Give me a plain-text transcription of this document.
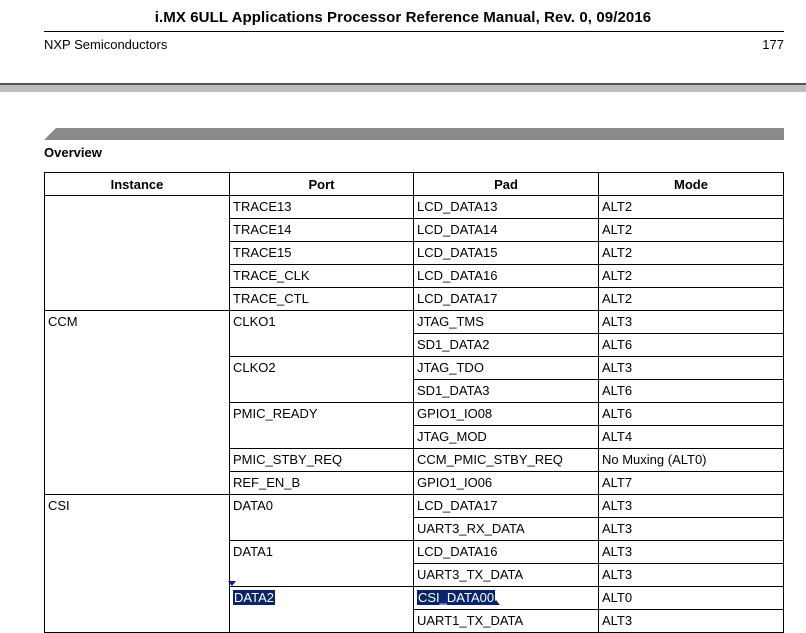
i.MX 6ULL Applications Processor Reference Manual, Rev. 0, 09/2016
NXP Semiconductors	177
Overview
Instance	Port	Pad	Mode
	TRACE13	LCD_DATA13	ALT2
	TRACE14	LCD_DATA14	ALT2
	TRACE15	LCD_DATA15	ALT2
	TRACE_CLK	LCD_DATA16	ALT2
	TRACE_CTL	LCD_DATA17	ALT2
CCM	CLKO1	JTAG_TMS	ALT3
		SD1_DATA2	ALT6
	CLKO2	JTAG_TDO	ALT3
		SD1_DATA3	ALT6
	PMIC_READY	GPIO1_IO08	ALT6
		JTAG_MOD	ALT4
	PMIC_STBY_REQ	CCM_PMIC_STBY_REQ	No Muxing (ALT0)
	REF_EN_B	GPIO1_IO06	ALT7
CSI	DATA0	LCD_DATA17	ALT3
		UART3_RX_DATA	ALT3
	DATA1	LCD_DATA16	ALT3
		UART3_TX_DATA	ALT3
	DATA2	CSI_DATA00	ALT0
		UART1_TX_DATA	ALT3
